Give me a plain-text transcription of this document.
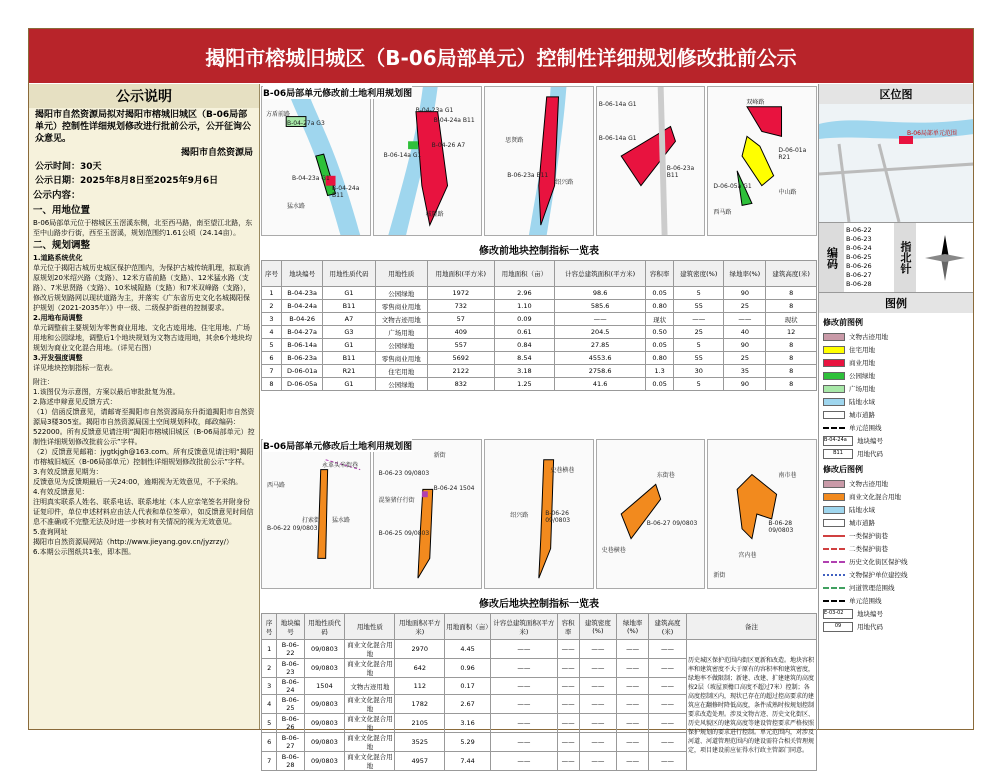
揭阳市榕城旧城区（B-06局部单元）控制性详细规划修改批前公示
公示说明
揭阳市自然资源局拟对揭阳市榕城旧城区（B-06局部单元）控制性详细规划修改进行批前公示，公开征询公众意见。
揭阳市自然资源局
公示时间：30天
公示日期：2025年8月8日至2025年9月6日
公示内容：
一、用地位置

B-06局部单元位于榕城区玉滘溪东侧，北至西马路，南至望江北路，东至中山路步行街，西至玉滘溪，规划范围约1.61公顷（24.14亩）。

二、规划调整

1.道路系统优化

单元位于揭阳古城历史城区保护范围内，为保护古城传统肌理，拟取消原规划20米绍兴路（支路）、12米方盾前路（支路）、12米猛水路（支路）、7米思贤路（支路）、10米城隍路（支路）和7米双峰路（支路），修改后规划路网以现状道路为主，并落实《广东省历史文化名城揭阳保护规划（2021-2035年）》中一级、二级保护街巷的控制要求。

2.用地布局调整

单元调整前主要规划为零售商业用地、文化古迹用地、住宅用地、广场用地和公园绿地，调整后1个地块规划为文物古迹用地，其余6个地块均规划为商业文化混合用地。（详见右图）

3.开发强度调整

详见地块控制指标一览表。

附注：

1.该图仅为示意图，方案以最后审批批复为准。

2.陈述申辩意见反馈方式：

（1）信函反馈意见，请邮寄至揭阳市自然资源局东升街道揭阳市自然资源局3楼305室。揭阳市自然资源局国土空间规划科收，邮政编码：522000。所有反馈意见请注明“揭阳市榕城旧城区（B-06局部单元）控制性详细规划修改批前公示”字样。

（2）反馈意见邮箱：jygtkjgh@163.com。所有反馈意见请注明“揭阳市榕城旧城区（B-06局部单元）控制性详细规划修改批前公示”字样。

3.有效反馈意见期为：

反馈意见为反馈期最后一天24:00，逾期视为无效意见，不予采纳。

4.有效反馈意见：

注明真实联系人姓名、联系电话、联系地址（本人应亲笔签名并附身份证复印件，单位申述材料应由法人代表和单位签章），如反馈意见时间信息不准确或不完整无法及时进一步核对有关情况的视为无效意见。

5.查询网址

揭阳市自然资源局网站（http://www.jieyang.gov.cn/jyzrzy/）

6.本期公示图纸共1张，即本图。

B-06局部单元修改前土地利用规划图
方盾前路
B-04-27a G3
猛水路
B-04-23a G1
B-04-24a B11
B-04-23a G1
B-04-24a B11
B-06-14a G1
B-04-26 A7
城隍路
思贤路
绍兴路
B-06-23a B11
B-06-14a G1
B-06-14a G1
B-06-23a B11
双峰路
D-06-01a R21
D-06-05a G1
西马路
中山路
修改前地块控制指标一览表
序号	地块编号	用地性质代码	用地性质	用地面积(平方米)	用地面积（亩）	计容总建筑面积(平方米)	容积率	建筑密度(%)	绿地率(%)	建筑高度(米)
1	B-04-23a	G1	公园绿地	1972	2.96	98.6	0.05	5	90	8
2	B-04-24a	B11	零售商业用地	732	1.10	585.6	0.80	55	25	8
3	B-04-26	A7	文物古迹用地	57	0.09	——	现状	——	——	现状
4	B-04-27a	G3	广场用地	409	0.61	204.5	0.50	25	40	12
5	B-06-14a	G1	公园绿地	557	0.84	27.85	0.05	5	90	8
6	B-06-23a	B11	零售商业用地	5692	8.54	4553.6	0.80	55	25	8
7	D-06-01a	R21	住宅用地	2122	3.18	2758.6	1.3	30	35	8
8	D-06-05a	G1	公园绿地	832	1.25	41.6	0.05	5	90	8
B-06局部单元修改后土地利用规划图
西马路
永革头米街巷
打索街
B-06-22 09/0803
猛水路
B-06-23 09/0803
B-06-24 1504
B-06-25 09/0803
混鉴猪仔行街
新街
B-06-26 09/0803
史巷横巷
绍兴路
B-06-27 09/0803
东街巷
史巷横巷
B-06-28 09/0803
南市巷
宫内巷
新街
修改后地块控制指标一览表
序号	地块编号	用地性质代码	用地性质	用地面积(平方米)	用地面积（亩）	计容总建筑面积(平方米)	容积率	建筑密度(%)	绿地率(%)	建筑高度(米)	备注
1	B-06-22	09/0803	商业文化混合用地	2970	4.45	——	——	——	——	——	历史城区保护范围内街区更新和改造。地块容积率和建筑密度不大于原有的容积率和建筑密度，绿地率不做限制；新建、改建、扩建建筑的高度按2层（坡屋顶檐口高度不超过7米）控制；各高度控制区内，现状已存在的超过控高要求的建筑应在翻修时降低高度，条件成熟时按规划控制要求改造处理。涉及文物古迹、历史文化街区、历史风貌区的建筑高度等建设管控要求严格按照保护规划的要求进行控制。单元范围内，对涉及河道、河道管理范围内的建设需符合相关管理规定，项目建设前应征得水行政主管部门同意。
2	B-06-23	09/0803	商业文化混合用地	642	0.96	——	——	——	——	——	
3	B-06-24	1504	文物古迹用地	112	0.17	——	——	——	——	——	
4	B-06-25	09/0803	商业文化混合用地	1782	2.67	——	——	——	——	——	
5	B-06-26	09/0803	商业文化混合用地	2105	3.16	——	——	——	——	——	
6	B-06-27	09/0803	商业文化混合用地	3525	5.29	——	——	——	——	——	
7	B-06-28	09/0803	商业文化混合用地	4957	7.44	——	——	——	——	——	
区位图
B-06局部单元范围
编码
B-06-22
B-06-23
B-06-24
B-06-25
B-06-26
B-06-27
B-06-28
指北针
图例
修改前图例
文物古迹用地
住宅用地
商业用地
公园绿地
广场用地
陆地水域
城市道路
单元范围线
B-04-24a	地块编号
B11	用地代码
修改后图例
文物古迹用地
商业文化混合用地
陆地水域
城市道路
一类保护街巷
二类保护街巷
历史文化街区保护线
文物保护单位建控线
河道管理范围线
单元范围线
E-03-02	地块编号
09	用地代码
